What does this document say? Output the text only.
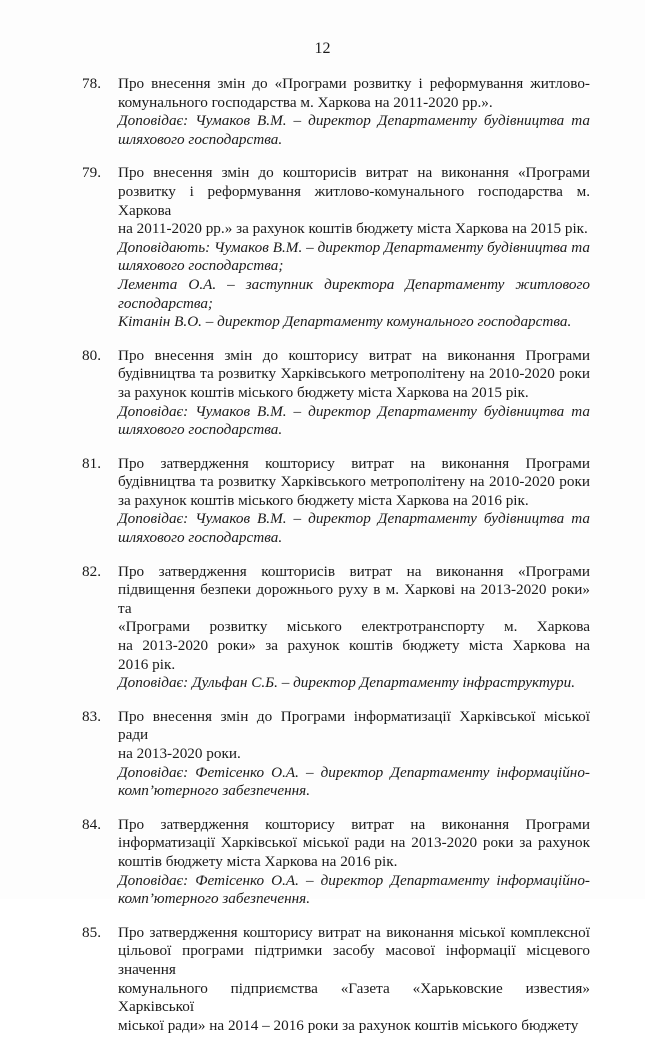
12
78. Про внесення змін до «Програми розвитку і реформування житлово-
комунального господарства м. Харкова на 2011-2020 рр.».
Доповідає: Чумаков В.М. – директор Департаменту будівництва та
шляхового господарства.
79. Про внесення змін до кошторисів витрат на виконання «Програми
розвитку і реформування житлово-комунального господарства м. Харкова
на 2011-2020 рр.» за рахунок коштів бюджету міста Харкова на 2015 рік.
Доповідають: Чумаков В.М. – директор Департаменту будівництва та
шляхового господарства;
Лемента О.А. – заступник директора Департаменту житлового
господарства;
Кітанін В.О. – директор Департаменту комунального господарства.
80. Про внесення змін до кошторису витрат на виконання Програми
будівництва та розвитку Харківського метрополітену на 2010-2020 роки
за рахунок коштів міського бюджету міста Харкова на 2015 рік.
Доповідає: Чумаков В.М. – директор Департаменту будівництва та
шляхового господарства.
81. Про затвердження кошторису витрат на виконання Програми
будівництва та розвитку Харківського метрополітену на 2010-2020 роки
за рахунок коштів міського бюджету міста Харкова на 2016 рік.
Доповідає: Чумаков В.М. – директор Департаменту будівництва та
шляхового господарства.
82. Про затвердження кошторисів витрат на виконання «Програми
підвищення безпеки дорожнього руху в м. Харкові на 2013-2020 роки» та
«Програми розвитку міського електротранспорту м. Харкова
на 2013-2020 роки» за рахунок коштів бюджету міста Харкова на
2016 рік.
Доповідає: Дульфан С.Б. – директор Департаменту інфраструктури.
83. Про внесення змін до Програми інформатизації Харківської міської ради
на 2013-2020 роки.
Доповідає: Фетісенко О.А. – директор Департаменту інформаційно-
комп’ютерного забезпечення.
84. Про затвердження кошторису витрат на виконання Програми
інформатизації Харківської міської ради на 2013-2020 роки за рахунок
коштів бюджету міста Харкова на 2016 рік.
Доповідає: Фетісенко О.А. – директор Департаменту інформаційно-
комп’ютерного забезпечення.
85. Про затвердження кошторису витрат на виконання міської комплексної
цільової програми підтримки засобу масової інформації місцевого значення
комунального підприємства «Газета «Харьковские известия» Харківської
міської ради» на 2014 – 2016 роки за рахунок коштів міського бюджету
